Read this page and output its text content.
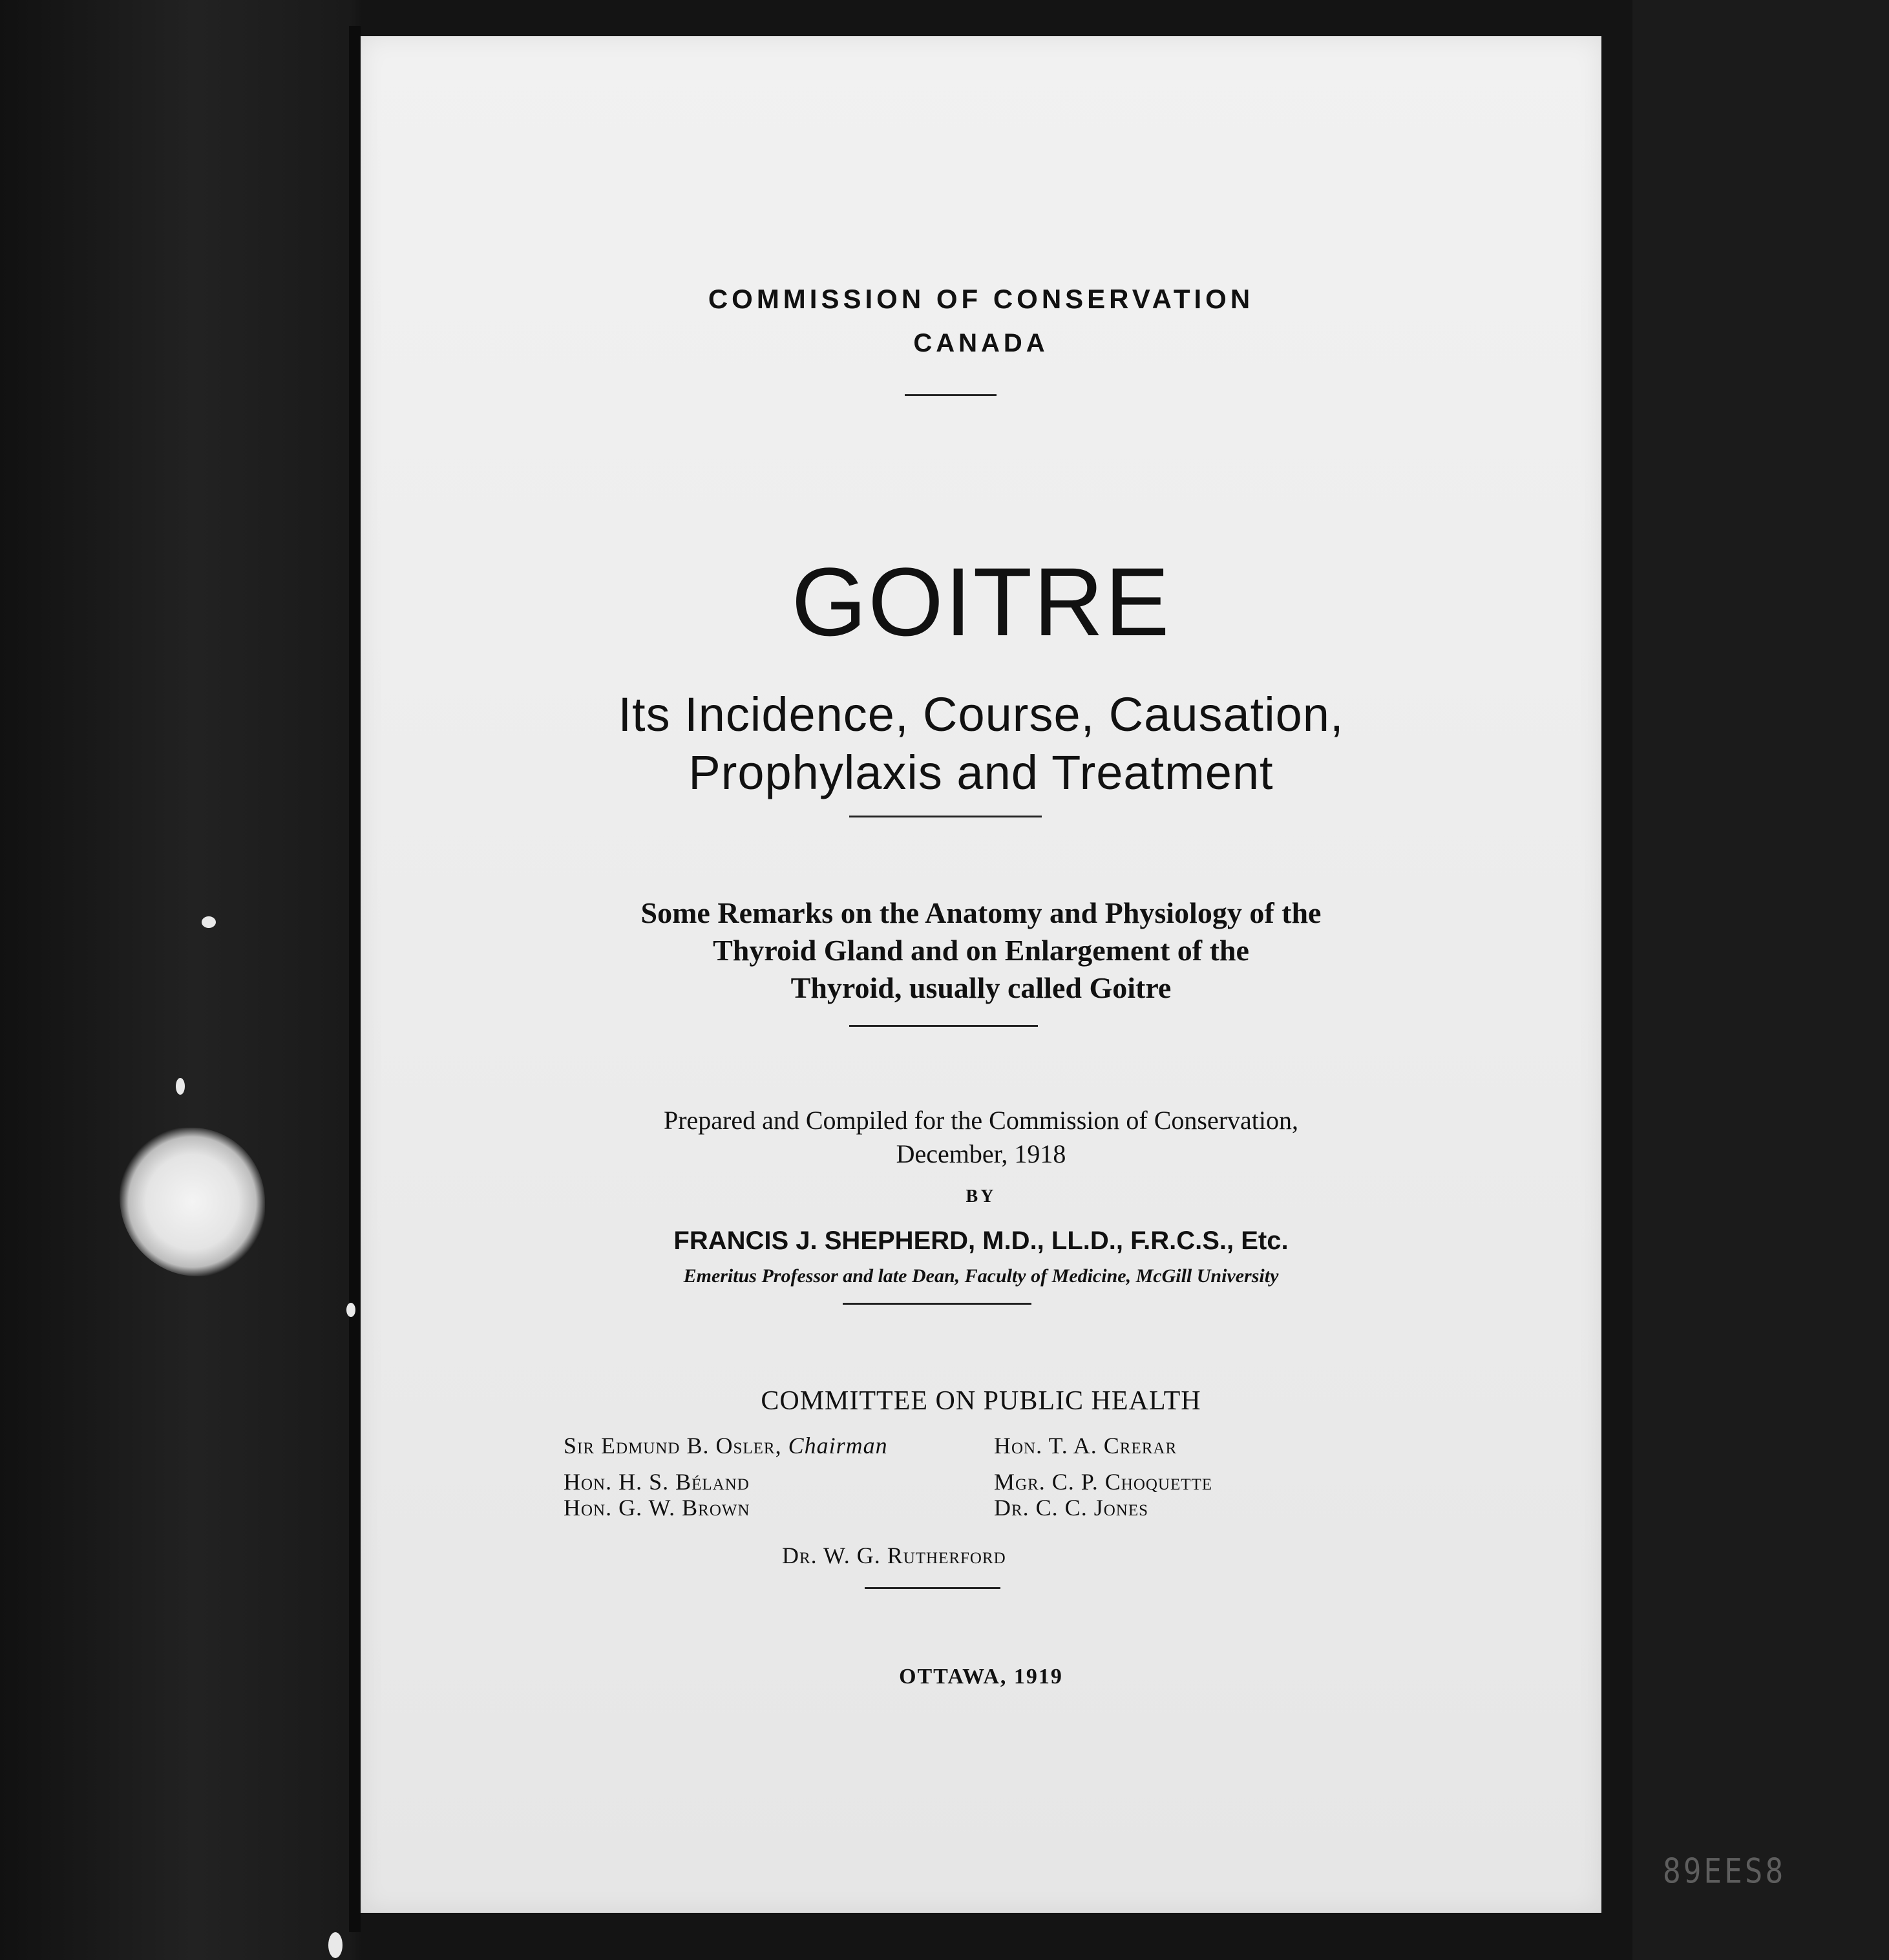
COMMISSION OF CONSERVATION
CANADA
GOITRE
Its Incidence, Course, Causation,
Prophylaxis and Treatment
Some Remarks on the Anatomy and Physiology of the
Thyroid Gland and on Enlargement of the
Thyroid, usually called Goitre
Prepared and Compiled for the Commission of Conservation,
December, 1918
BY
FRANCIS J. SHEPHERD, M.D., LL.D., F.R.C.S., Etc.
Emeritus Professor and late Dean, Faculty of Medicine, McGill University
COMMITTEE ON PUBLIC HEALTH
Sir Edmund B. Osler, Chairman	Hon. T. A. Crerar
Hon. H. S. Béland	Mgr. C. P. Choquette
Hon. G. W. Brown	Dr. C. C. Jones
Dr. W. G. Rutherford
OTTAWA, 1919
89EES8
